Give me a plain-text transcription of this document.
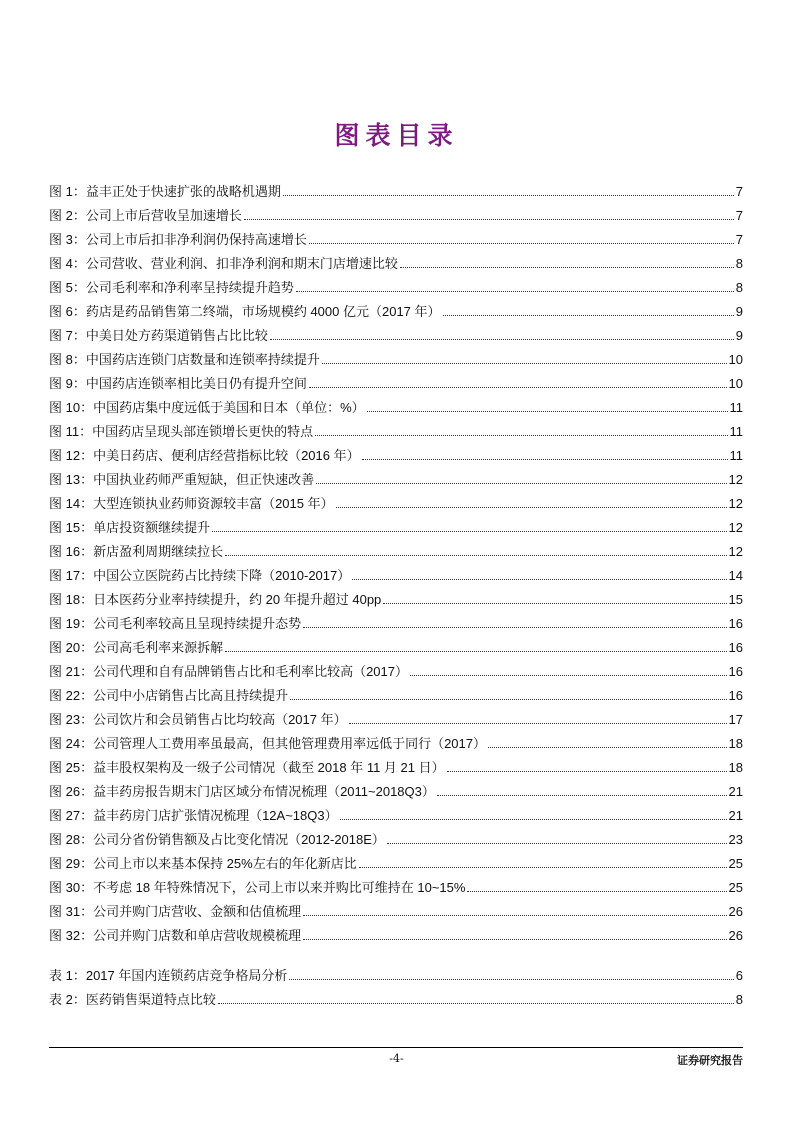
图表目录
图 1：益丰正处于快速扩张的战略机遇期	7
图 2：公司上市后营收呈加速增长	7
图 3：公司上市后扣非净利润仍保持高速增长	7
图 4：公司营收、营业利润、扣非净利润和期末门店增速比较	8
图 5：公司毛利率和净利率呈持续提升趋势	8
图 6：药店是药品销售第二终端，市场规模约 4000 亿元（2017 年）	9
图 7：中美日处方药渠道销售占比比较	9
图 8：中国药店连锁门店数量和连锁率持续提升	10
图 9：中国药店连锁率相比美日仍有提升空间	10
图 10：中国药店集中度远低于美国和日本（单位：%）	11
图 11：中国药店呈现头部连锁增长更快的特点	11
图 12：中美日药店、便利店经营指标比较（2016 年）	11
图 13：中国执业药师严重短缺，但正快速改善	12
图 14：大型连锁执业药师资源较丰富（2015 年）	12
图 15：单店投资额继续提升	12
图 16：新店盈利周期继续拉长	12
图 17：中国公立医院药占比持续下降（2010-2017）	14
图 18：日本医药分业率持续提升，约 20 年提升超过 40pp	15
图 19：公司毛利率较高且呈现持续提升态势	16
图 20：公司高毛利率来源拆解	16
图 21：公司代理和自有品牌销售占比和毛利率比较高（2017）	16
图 22：公司中小店销售占比高且持续提升	16
图 23：公司饮片和会员销售占比均较高（2017 年）	17
图 24：公司管理人工费用率虽最高，但其他管理费用率远低于同行（2017）	18
图 25：益丰股权架构及一级子公司情况（截至 2018 年 11 月 21 日）	18
图 26：益丰药房报告期末门店区域分布情况梳理（2011~2018Q3）	21
图 27：益丰药房门店扩张情况梳理（12A~18Q3）	21
图 28：公司分省份销售额及占比变化情况（2012-2018E）	23
图 29：公司上市以来基本保持 25%左右的年化新店比	25
图 30：不考虑 18 年特殊情况下，公司上市以来并购比可维持在 10~15%	25
图 31：公司并购门店营收、金额和估值梳理	26
图 32：公司并购门店数和单店营收规模梳理	26
表 1：2017 年国内连锁药店竞争格局分析	6
表 2：医药销售渠道特点比较	8
-4-	证券研究报告
